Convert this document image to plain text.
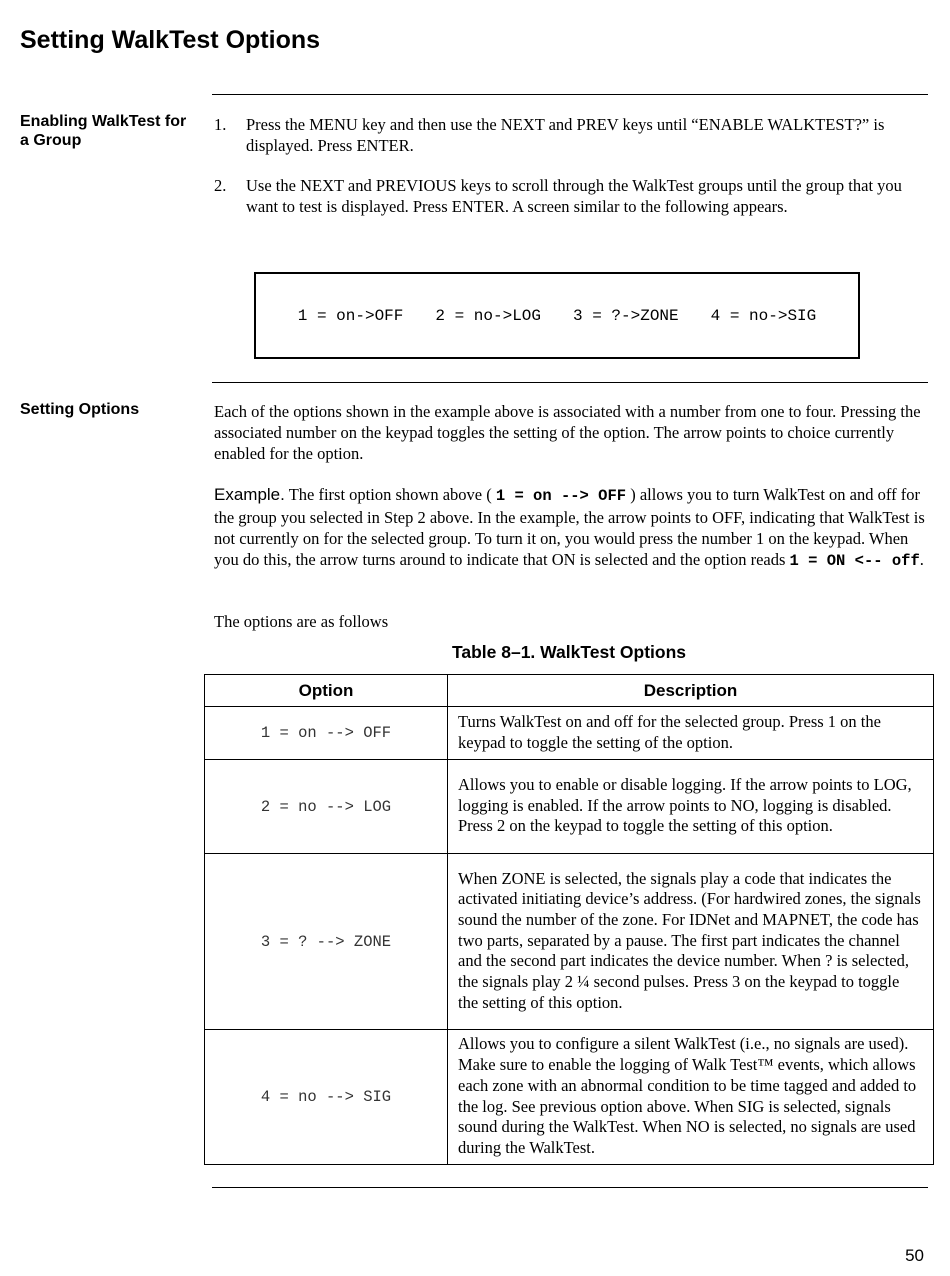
Setting WalkTest Options
Enabling WalkTest for a Group
1.	Press the MENU key and then use the NEXT and PREV keys until “ENABLE WALKTEST?” is displayed. Press ENTER.
2.	Use the NEXT and PREVIOUS keys to scroll through the WalkTest groups until the group that you want to test is displayed. Press ENTER. A screen similar to the following appears.
1 = on->OFF 2 = no->LOG 3 = ?->ZONE 4 = no->SIG
Setting Options	Each of the options shown in the example above is associated with a number from one to four. Pressing the associated number on the keypad toggles the setting of the option. The arrow points to choice currently enabled for the option.
Example. The first option shown above ( 1 = on --> OFF ) allows you to turn WalkTest on and off for the group you selected in Step 2 above. In the example, the arrow points to OFF, indicating that WalkTest is not currently on for the selected group. To turn it on, you would press the number 1 on the keypad. When you do this, the arrow turns around to indicate that ON is selected and the option reads 1 = ON <-- off.
The options are as follows
Table 8–1. WalkTest Options
Option	Description
1 = on --> OFF	Turns WalkTest on and off for the selected group. Press 1 on the keypad to toggle the setting of the option.
2 = no --> LOG	Allows you to enable or disable logging. If the arrow points to LOG, logging is enabled. If the arrow points to NO, logging is disabled. Press 2 on the keypad to toggle the setting of this option.
3 = ? --> ZONE	When ZONE is selected, the signals play a code that indicates the activated initiating device’s address. (For hardwired zones, the signals sound the number of the zone. For IDNet and MAPNET, the code has two parts, separated by a pause. The first part indicates the channel and the second part indicates the device number. When ? is selected, the signals play 2 ¼ second pulses. Press 3 on the keypad to toggle the setting of this option.
4 = no --> SIG	Allows you to configure a silent WalkTest (i.e., no signals are used). Make sure to enable the logging of Walk Test™ events, which allows each zone with an abnormal condition to be time tagged and added to the log. See previous option above. When SIG is selected, signals sound during the WalkTest. When NO is selected, no signals are used during the WalkTest.
50
